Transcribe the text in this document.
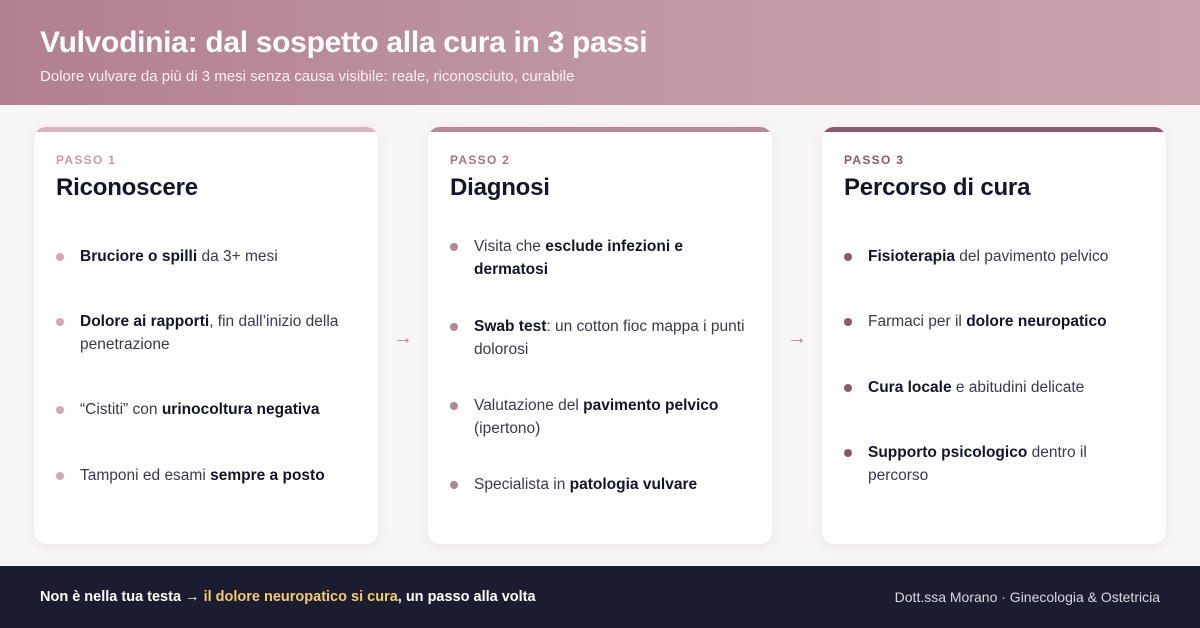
Vulvodinia: dal sospetto alla cura in 3 passi
Dolore vulvare da più di 3 mesi senza causa visibile: reale, riconosciuto, curabile
PASSO 1
Riconoscere
Bruciore o spilli da 3+ mesi
Dolore ai rapporti, fin dall’inizio della penetrazione
“Cistiti” con urinocoltura negativa
Tamponi ed esami sempre a posto
→
PASSO 2
Diagnosi
Visita che esclude infezioni e dermatosi
Swab test: un cotton fioc mappa i punti dolorosi
Valutazione del pavimento pelvico (ipertono)
Specialista in patologia vulvare
→
PASSO 3
Percorso di cura
Fisioterapia del pavimento pelvico
Farmaci per il dolore neuropatico
Cura locale e abitudini delicate
Supporto psicologico dentro il percorso
Non è nella tua testa → il dolore neuropatico si cura, un passo alla volta	Dott.ssa Morano · Ginecologia & Ostetricia
